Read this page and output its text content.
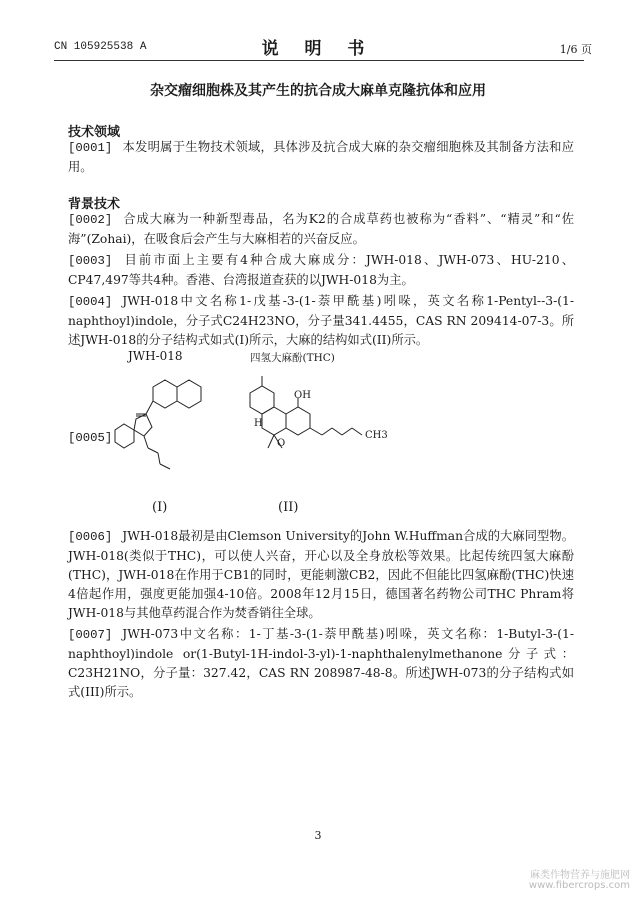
CN 105925538 A	说 明 书	1/6 页
杂交瘤细胞株及其产生的抗合成大麻单克隆抗体和应用
技术领域
[0001] 本发明属于生物技术领域，具体涉及抗合成大麻的杂交瘤细胞株及其制备方法和应用。
背景技术
[0002] 合成大麻为一种新型毒品，名为K2的合成草药也被称为“香料”、“精灵”和“佐海”(Zohai)，在吸食后会产生与大麻相若的兴奋反应。
[0003] 目前市面上主要有4种合成大麻成分：JWH-018、JWH-073、HU-210、CP47,497等共4种。香港、台湾报道查获的以JWH-018为主。
[0004] JWH-018中文名称1-戊基-3-(1-萘甲酰基)吲哚，英文名称1-Pentyl--3-(1-naphthoyl)indole，分子式C24H23NO，分子量341.4455，CAS RN 209414-07-3。所述JWH-018的分子结构式如式(I)所示，大麻的结构如式(II)所示。
JWH-018	四氢大麻酚(THC)
[0005]
OH
H
O
CH3
(I)	(II)
[0006] JWH-018最初是由Clemson University的John W.Huffman合成的大麻同型物。JWH-018(类似于THC)，可以使人兴奋，开心以及全身放松等效果。比起传统四氢大麻酚(THC)，JWH-018在作用于CB1的同时，更能刺激CB2，因此不但能比四氢麻酚(THC)快速4倍起作用，强度更能加强4-10倍。2008年12月15日，德国著名药物公司THC Phram将JWH-018与其他草药混合作为焚香销往全球。
[0007] JWH-073中文名称：1-丁基-3-(1-萘甲酰基)吲哚，英文名称：1-Butyl-3-(1-naphthoyl)indole or(1-Butyl-1H-indol-3-yl)-1-naphthalenylmethanone分子式：C23H21NO，分子量：327.42，CAS RN 208987-48-8。所述JWH-073的分子结构式如式(III)所示。
3
麻类作物营养与施肥网
www.fibercrops.com
